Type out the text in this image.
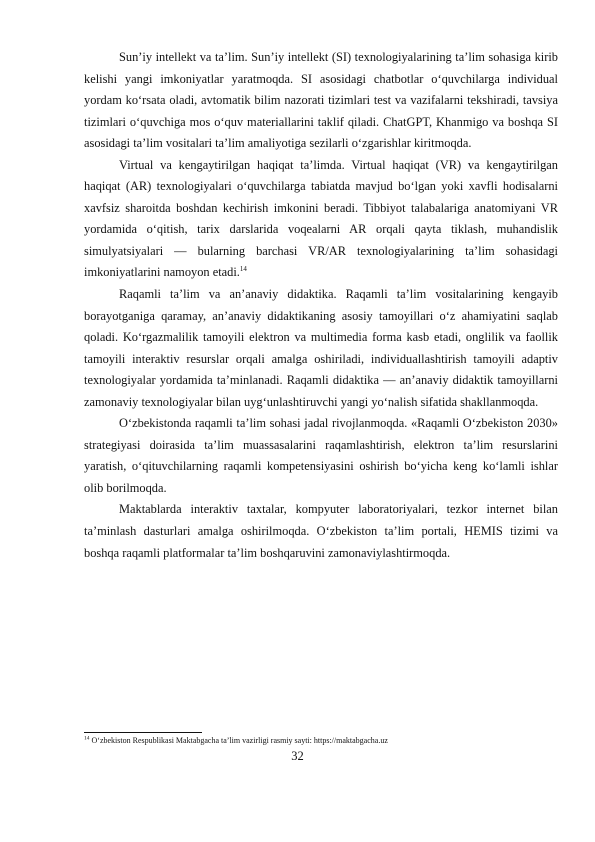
Sun’iy intellekt va ta’lim. Sun’iy intellekt (SI) texnologiyalarining ta’lim sohasiga kirib kelishi yangi imkoniyatlar yaratmoqda. SI asosidagi chatbotlar o‘quvchilarga individual yordam ko‘rsata oladi, avtomatik bilim nazorati tizimlari test va vazifalarni tekshiradi, tavsiya tizimlari o‘quvchiga mos o‘quv materiallarini taklif qiladi. ChatGPT, Khanmigo va boshqa SI asosidagi ta’lim vositalari ta’lim amaliyotiga sezilarli o‘zgarishlar kiritmoqda.

Virtual va kengaytirilgan haqiqat ta’limda. Virtual haqiqat (VR) va kengaytirilgan haqiqat (AR) texnologiyalari o‘quvchilarga tabiatda mavjud bo‘lgan yoki xavfli hodisalarni xavfsiz sharoitda boshdan kechirish imkonini beradi. Tibbiyot talabalariga anatomiyani VR yordamida o‘qitish, tarix darslarida voqealarni AR orqali qayta tiklash, muhandislik simulyatsiyalari — bularning barchasi VR/AR texnologiyalarining ta’lim sohasidagi imkoniyatlarini namoyon etadi.$^{14}$

Raqamli ta’lim va an’anaviy didaktika. Raqamli ta’lim vositalarining kengayib borayotganiga qaramay, an’anaviy didaktikaning asosiy tamoyillari o‘z ahamiyatini saqlab qoladi. Ko‘rgazmalilik tamoyili elektron va multimedia forma kasb etadi, onglilik va faollik tamoyili interaktiv resurslar orqali amalga oshiriladi, individuallashtirish tamoyili adaptiv texnologiyalar yordamida ta’minlanadi. Raqamli didaktika — an’anaviy didaktik tamoyillarni zamonaviy texnologiyalar bilan uyg‘unlashtiruvchi yangi yo‘nalish sifatida shakllanmoqda.

O‘zbekistonda raqamli ta’lim sohasi jadal rivojlanmoqda. «Raqamli O‘zbekiston 2030» strategiyasi doirasida ta’lim muassasalarini raqamlashtirish, elektron ta’lim resurslarini yaratish, o‘qituvchilarning raqamli kompetensiyasini oshirish bo‘yicha keng ko‘lamli ishlar olib borilmoqda.

Maktablarda interaktiv taxtalar, kompyuter laboratoriyalari, tezkor internet bilan ta’minlash dasturlari amalga oshirilmoqda. O‘zbekiston ta’lim portali, HEMIS tizimi va boshqa raqamli platformalar ta’lim boshqaruvini zamonaviylashtirmoqda.

$^{14}$ O‘zbekiston Respublikasi Maktabgacha ta’lim vazirligi rasmiy sayti: https://maktabgacha.uz
32
